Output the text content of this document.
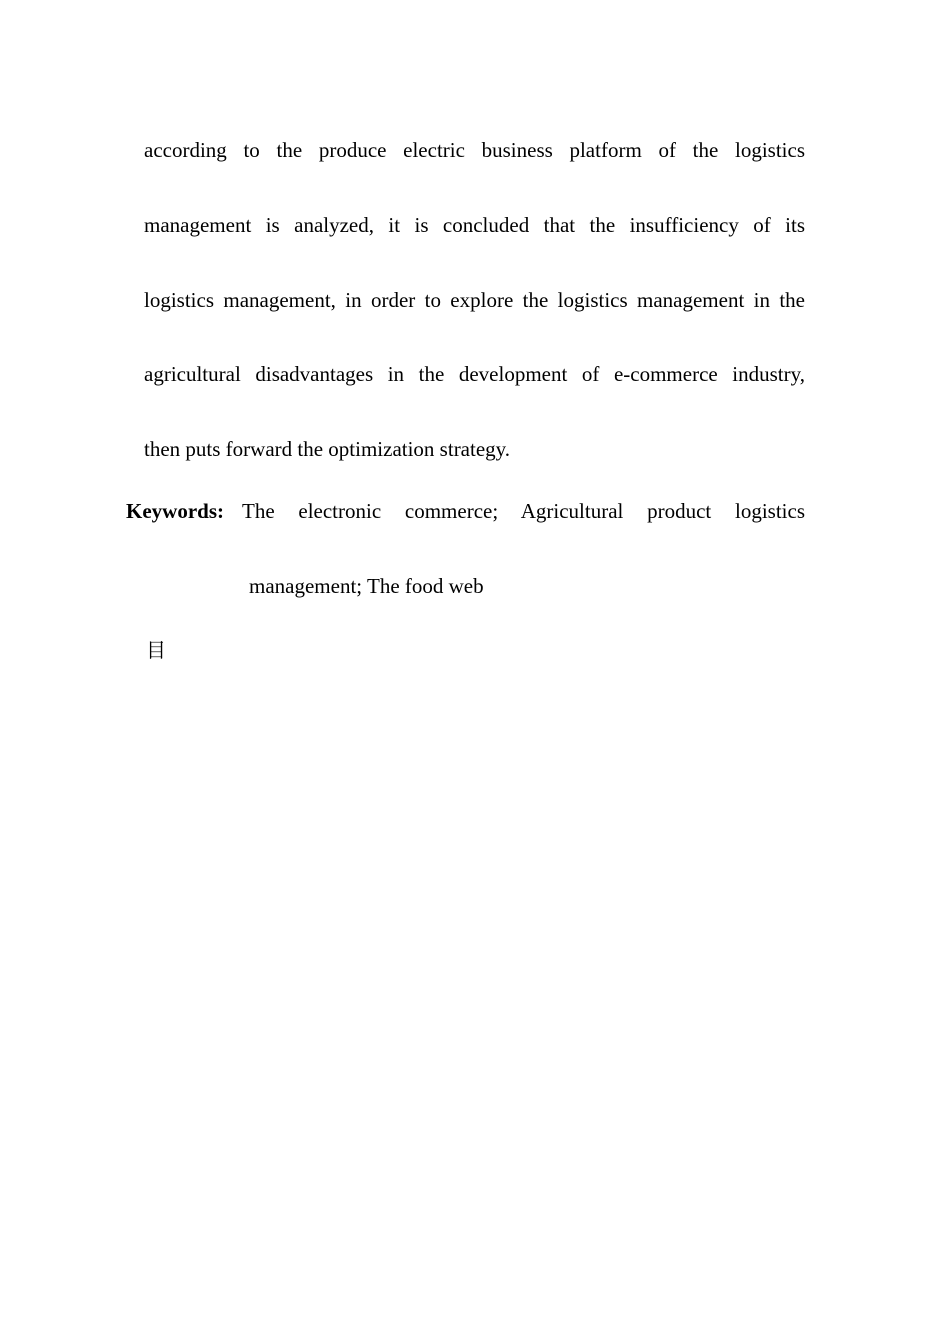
according to the produce electric business platform of the logistics
management is analyzed, it is concluded that the insufficiency of its
logistics management, in order to explore the logistics management in the
agricultural disadvantages in the development of e-commerce industry,
then puts forward the optimization strategy.
Keywords: The electronic commerce; Agricultural product logistics
management; The food web
目
